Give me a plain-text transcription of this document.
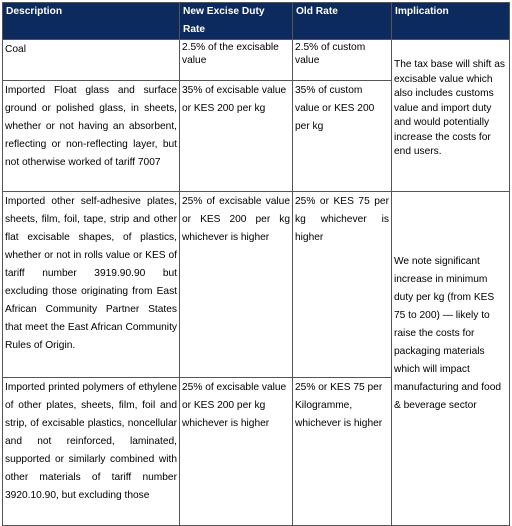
Description	New Excise Duty Rate	Old Rate	Implication
Coal	2.5% of the excisable value	2.5% of custom value	The tax base will shift as excisable value which also includes customs value and import duty and would potentially increase the costs for end users.

Imported Float glass and surface ground or polished glass, in sheets, whether or not having an absorbent, reflecting or non-reflecting layer, but not otherwise worked of tariff 7007	35% of excisable value or KES 200 per kg	35% of custom value or KES 200 per kg	
Imported other self-adhesive plates, sheets, film, foil, tape, strip and other flat excisable shapes, of plastics, whether or not in rolls value or KES of tariff number 3919.90.90 but excluding those originating from East African Community Partner States that meet the East African Community Rules of Origin.	25% of excisable value or KES 200 per kg whichever is higher	25% or KES 75 per kg whichever is higher	We note significant increase in minimum duty per kg (from KES 75 to 200) — likely to raise the costs for packaging materials which will impact manufacturing and food & beverage sector

Imported printed polymers of ethylene of other plates, sheets, film, foil and strip, of excisable plastics, noncellular and not reinforced, laminated, supported or similarly combined with other materials of tariff number 3920.10.90, but excluding those	25% of excisable value or KES 200 per kg whichever is higher	25% or KES 75 per Kilogramme, whichever is higher	
